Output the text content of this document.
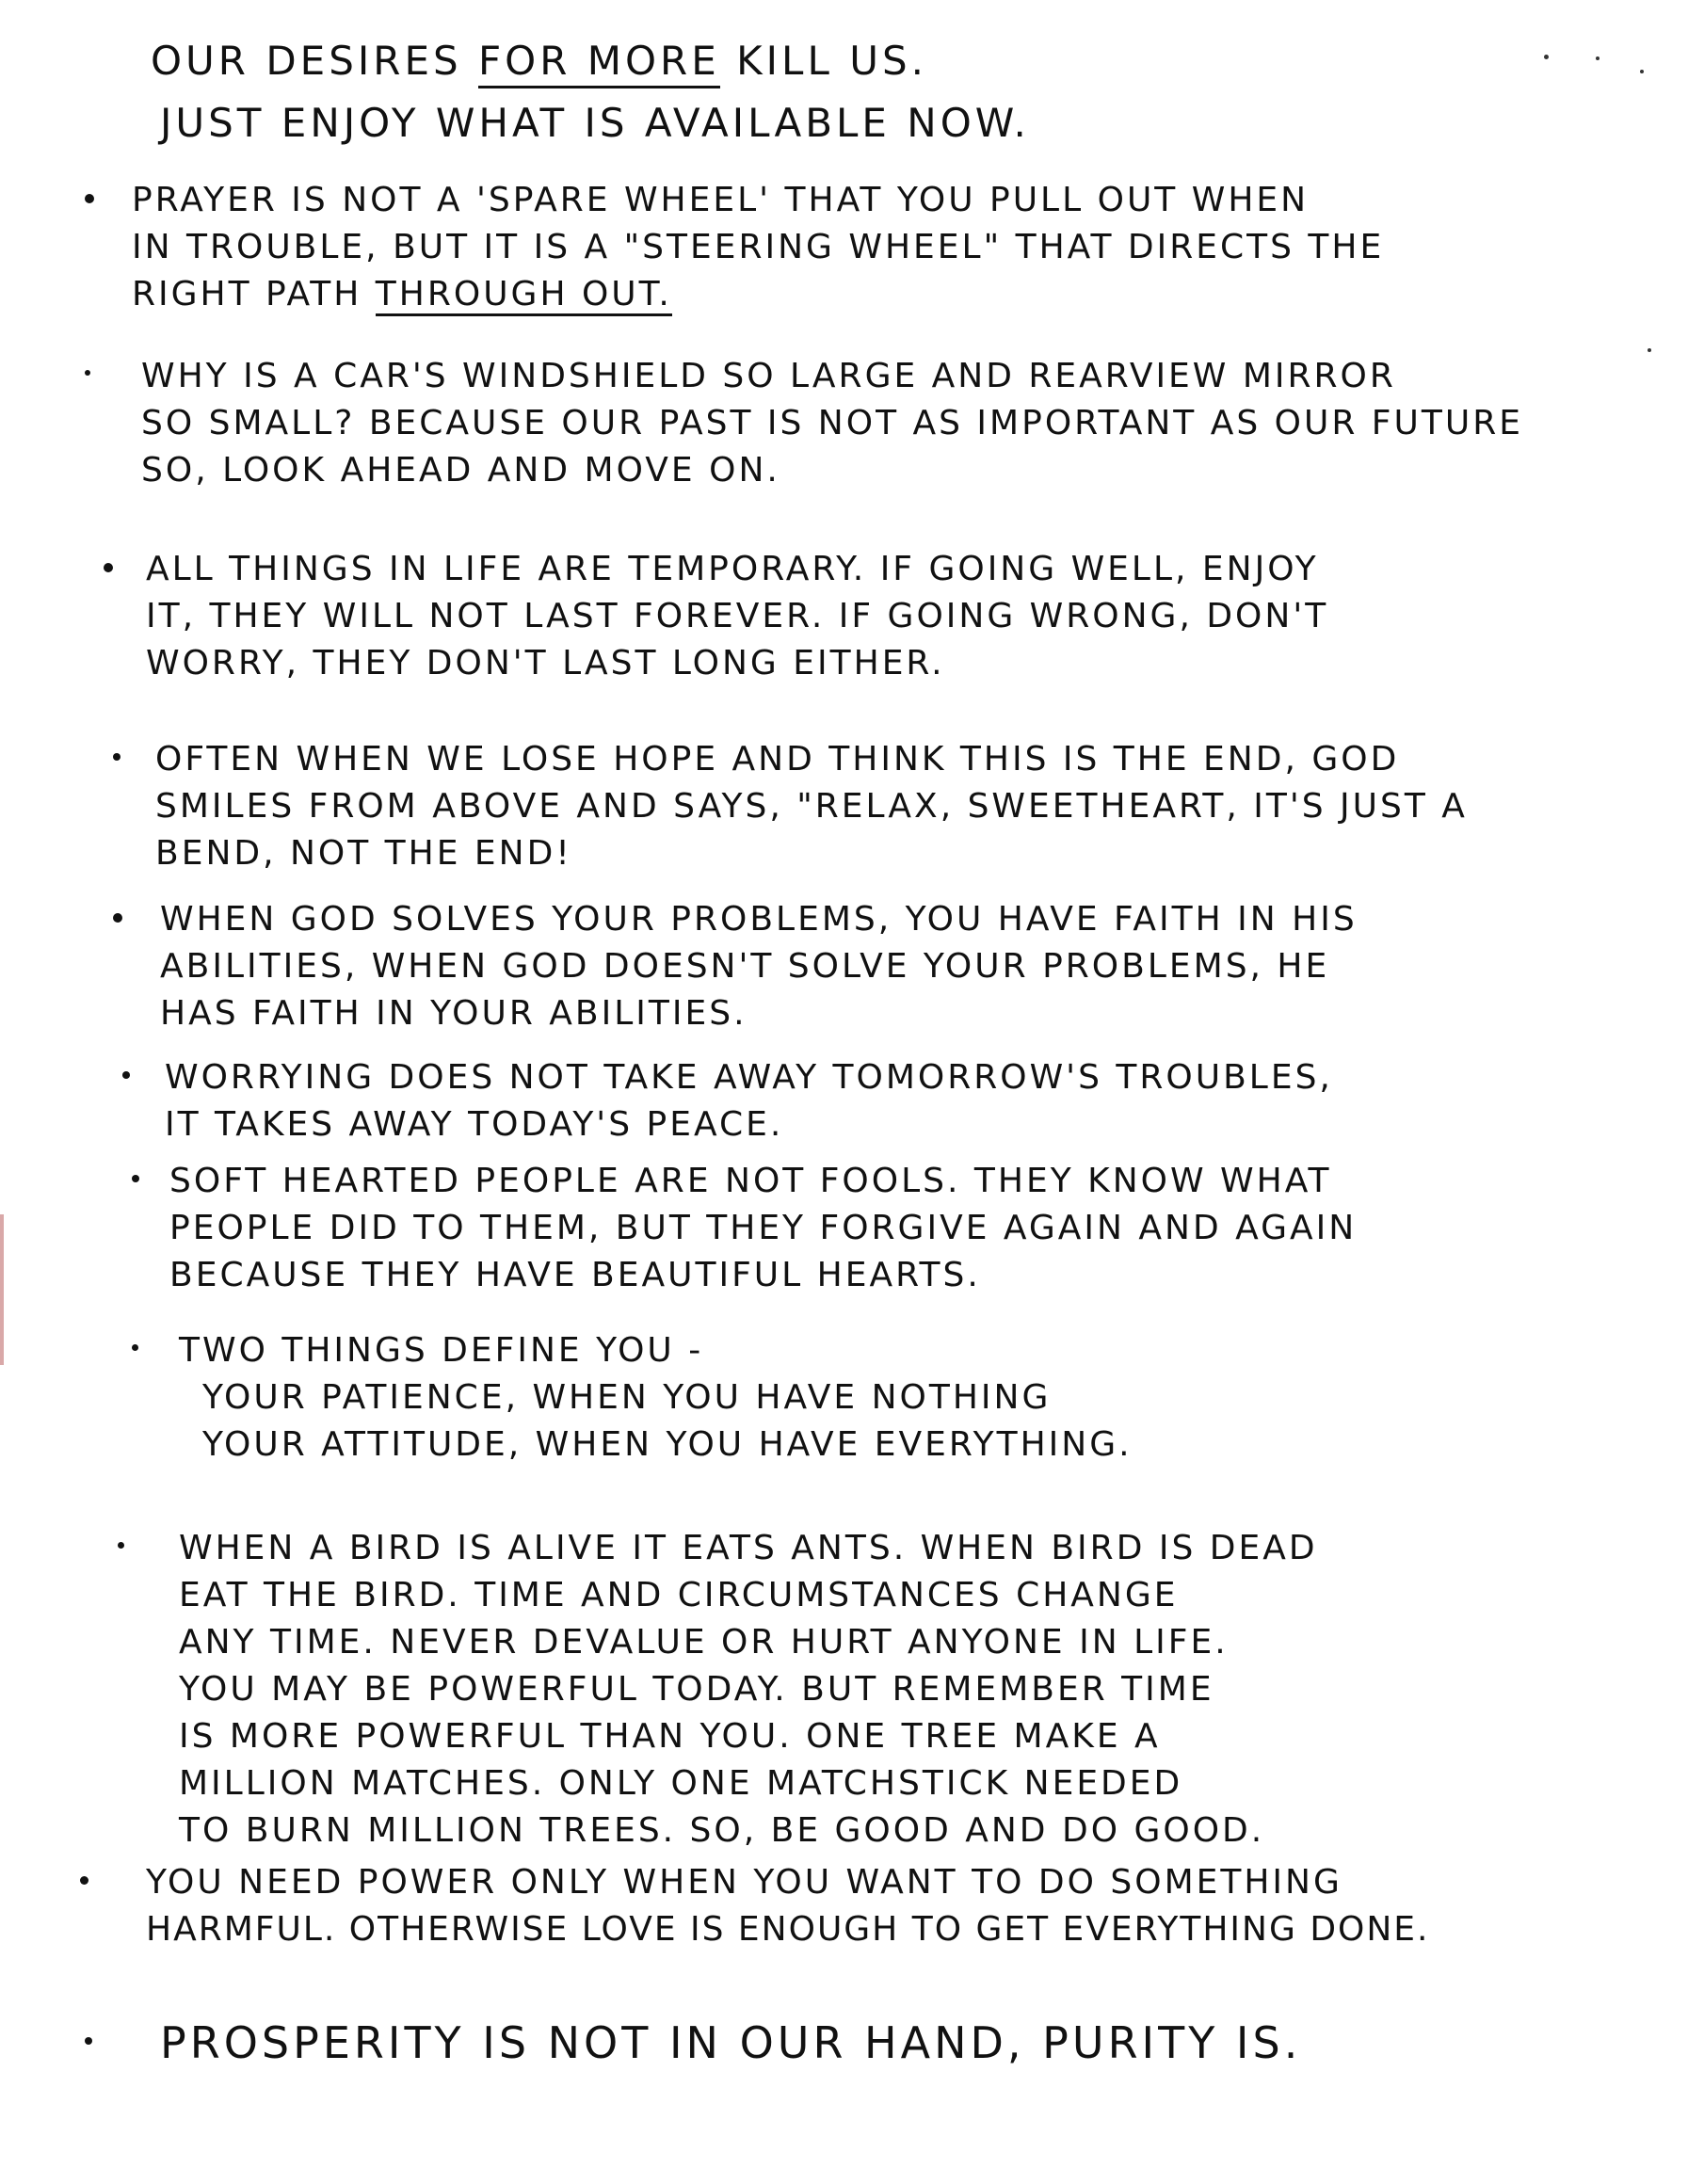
OUR DESIRES FOR MORE KILL US.
JUST ENJOY WHAT IS AVAILABLE NOW.
PRAYER IS NOT A 'SPARE WHEEL' THAT YOU PULL OUT WHEN
IN TROUBLE, BUT IT IS A "STEERING WHEEL" THAT DIRECTS THE
RIGHT PATH THROUGH OUT.
WHY IS A CAR'S WINDSHIELD SO LARGE AND REARVIEW MIRROR
SO SMALL? BECAUSE OUR PAST IS NOT AS IMPORTANT AS OUR FUTURE
SO, LOOK AHEAD AND MOVE ON.
ALL THINGS IN LIFE ARE TEMPORARY. IF GOING WELL, ENJOY
IT, THEY WILL NOT LAST FOREVER. IF GOING WRONG, DON'T
WORRY, THEY DON'T LAST LONG EITHER.
OFTEN WHEN WE LOSE HOPE AND THINK THIS IS THE END, GOD
SMILES FROM ABOVE AND SAYS, "RELAX, SWEETHEART, IT'S JUST A
BEND, NOT THE END!
WHEN GOD SOLVES YOUR PROBLEMS, YOU HAVE FAITH IN HIS
ABILITIES, WHEN GOD DOESN'T SOLVE YOUR PROBLEMS, HE
HAS FAITH IN YOUR ABILITIES.
WORRYING DOES NOT TAKE AWAY TOMORROW'S TROUBLES,
IT TAKES AWAY TODAY'S PEACE.
SOFT HEARTED PEOPLE ARE NOT FOOLS. THEY KNOW WHAT
PEOPLE DID TO THEM, BUT THEY FORGIVE AGAIN AND AGAIN
BECAUSE THEY HAVE BEAUTIFUL HEARTS.
TWO THINGS DEFINE YOU -
YOUR PATIENCE, WHEN YOU HAVE NOTHING
YOUR ATTITUDE, WHEN YOU HAVE EVERYTHING.
WHEN A BIRD IS ALIVE IT EATS ANTS. WHEN BIRD IS DEAD
EAT THE BIRD. TIME AND CIRCUMSTANCES CHANGE
ANY TIME. NEVER DEVALUE OR HURT ANYONE IN LIFE.
YOU MAY BE POWERFUL TODAY. BUT REMEMBER TIME
IS MORE POWERFUL THAN YOU. ONE TREE MAKE A
MILLION MATCHES. ONLY ONE MATCHSTICK NEEDED
TO BURN MILLION TREES. SO, BE GOOD AND DO GOOD.
YOU NEED POWER ONLY WHEN YOU WANT TO DO SOMETHING
HARMFUL. OTHERWISE LOVE IS ENOUGH TO GET EVERYTHING DONE.
PROSPERITY IS NOT IN OUR HAND, PURITY IS.
